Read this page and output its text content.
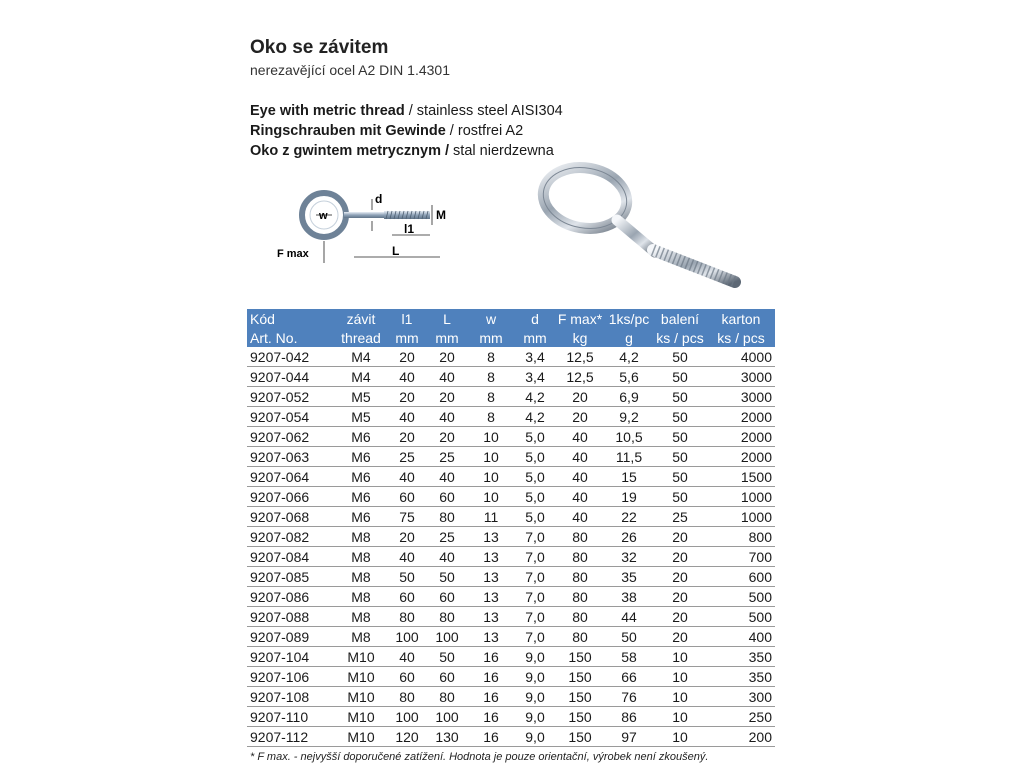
Oko se závitem
nerezavějící ocel A2 DIN 1.4301
Eye with metric thread / stainless steel AISI304
Ringschrauben mit Gewinde / rostfrei A2
Oko z gwintem metrycznym / stal nierdzewna
w
d
M
l1
L
F max
Kód	závit	l1	L	w	d	F max*	1ks/pc	balení	karton
Art. No.	thread	mm	mm	mm	mm	kg	g	ks / pcs	ks / pcs
9207-042	M4	20	20	8	3,4	12,5	4,2	50	4000
9207-044	M4	40	40	8	3,4	12,5	5,6	50	3000
9207-052	M5	20	20	8	4,2	20	6,9	50	3000
9207-054	M5	40	40	8	4,2	20	9,2	50	2000
9207-062	M6	20	20	10	5,0	40	10,5	50	2000
9207-063	M6	25	25	10	5,0	40	11,5	50	2000
9207-064	M6	40	40	10	5,0	40	15	50	1500
9207-066	M6	60	60	10	5,0	40	19	50	1000
9207-068	M6	75	80	11	5,0	40	22	25	1000
9207-082	M8	20	25	13	7,0	80	26	20	800
9207-084	M8	40	40	13	7,0	80	32	20	700
9207-085	M8	50	50	13	7,0	80	35	20	600
9207-086	M8	60	60	13	7,0	80	38	20	500
9207-088	M8	80	80	13	7,0	80	44	20	500
9207-089	M8	100	100	13	7,0	80	50	20	400
9207-104	M10	40	50	16	9,0	150	58	10	350
9207-106	M10	60	60	16	9,0	150	66	10	350
9207-108	M10	80	80	16	9,0	150	76	10	300
9207-110	M10	100	100	16	9,0	150	86	10	250
9207-112	M10	120	130	16	9,0	150	97	10	200
* F max. - nejvyšší doporučené zatížení. Hodnota je pouze orientační, výrobek není zkoušený.
